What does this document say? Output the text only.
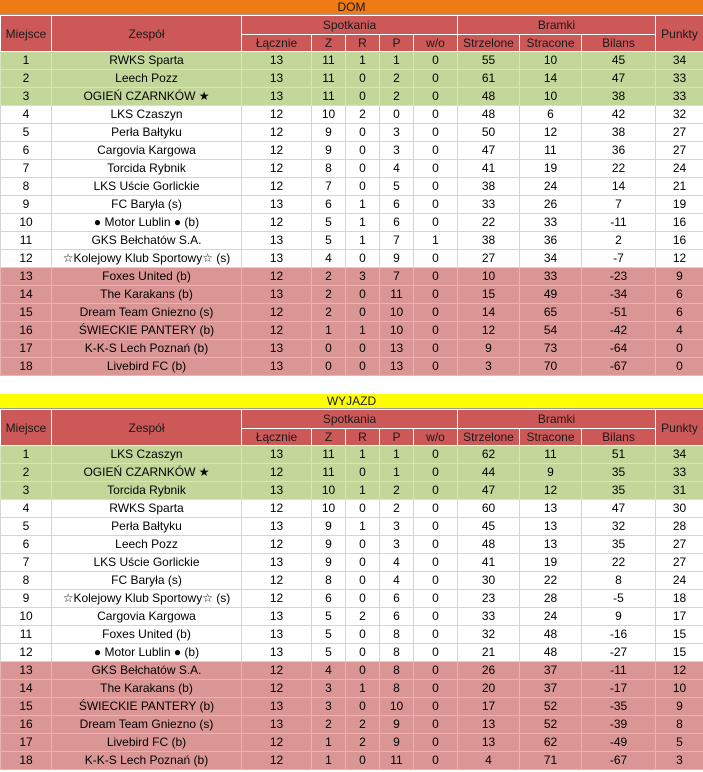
DOM
Miejsce	Zespół	Spotkania					Bramki			Punkty
		Łącznie	Z	R	P	w/o	Strzelone	Stracone	Bilans	
1	RWKS Sparta	13	11	1	1	0	55	10	45	34
2	Leech Pozz	13	11	0	2	0	61	14	47	33
3	OGIEŃ CZARNKÓW ★	13	11	0	2	0	48	10	38	33
4	LKS Czaszyn	12	10	2	0	0	48	6	42	32
5	Perła Bałtyku	12	9	0	3	0	50	12	38	27
6	Cargovia Kargowa	12	9	0	3	0	47	11	36	27
7	Torcida Rybnik	12	8	0	4	0	41	19	22	24
8	LKS Uście Gorlickie	12	7	0	5	0	38	24	14	21
9	FC Baryła (s)	13	6	1	6	0	33	26	7	19
10	● Motor Lublin ● (b)	12	5	1	6	0	22	33	-11	16
11	GKS Bełchatów S.A.	13	5	1	7	1	38	36	2	16
12	☆Kolejowy Klub Sportowy☆ (s)	13	4	0	9	0	27	34	-7	12
13	Foxes United (b)	12	2	3	7	0	10	33	-23	9
14	The Karakans (b)	13	2	0	11	0	15	49	-34	6
15	Dream Team Gniezno (s)	12	2	0	10	0	14	65	-51	6
16	ŚWIECKIE PANTERY (b)	12	1	1	10	0	12	54	-42	4
17	K-K-S Lech Poznań (b)	13	0	0	13	0	9	73	-64	0
18	Livebird FC (b)	13	0	0	13	0	3	70	-67	0
WYJAZD
Miejsce	Zespół	Spotkania					Bramki			Punkty
		Łącznie	Z	R	P	w/o	Strzelone	Stracone	Bilans	
1	LKS Czaszyn	13	11	1	1	0	62	11	51	34
2	OGIEŃ CZARNKÓW ★	12	11	0	1	0	44	9	35	33
3	Torcida Rybnik	13	10	1	2	0	47	12	35	31
4	RWKS Sparta	12	10	0	2	0	60	13	47	30
5	Perła Bałtyku	13	9	1	3	0	45	13	32	28
6	Leech Pozz	12	9	0	3	0	48	13	35	27
7	LKS Uście Gorlickie	13	9	0	4	0	41	19	22	27
8	FC Baryła (s)	12	8	0	4	0	30	22	8	24
9	☆Kolejowy Klub Sportowy☆ (s)	12	6	0	6	0	23	28	-5	18
10	Cargovia Kargowa	13	5	2	6	0	33	24	9	17
11	Foxes United (b)	13	5	0	8	0	32	48	-16	15
12	● Motor Lublin ● (b)	13	5	0	8	0	21	48	-27	15
13	GKS Bełchatów S.A.	12	4	0	8	0	26	37	-11	12
14	The Karakans (b)	12	3	1	8	0	20	37	-17	10
15	ŚWIECKIE PANTERY (b)	13	3	0	10	0	17	52	-35	9
16	Dream Team Gniezno (s)	13	2	2	9	0	13	52	-39	8
17	Livebird FC (b)	12	1	2	9	0	13	62	-49	5
18	K-K-S Lech Poznań (b)	12	1	0	11	0	4	71	-67	3
